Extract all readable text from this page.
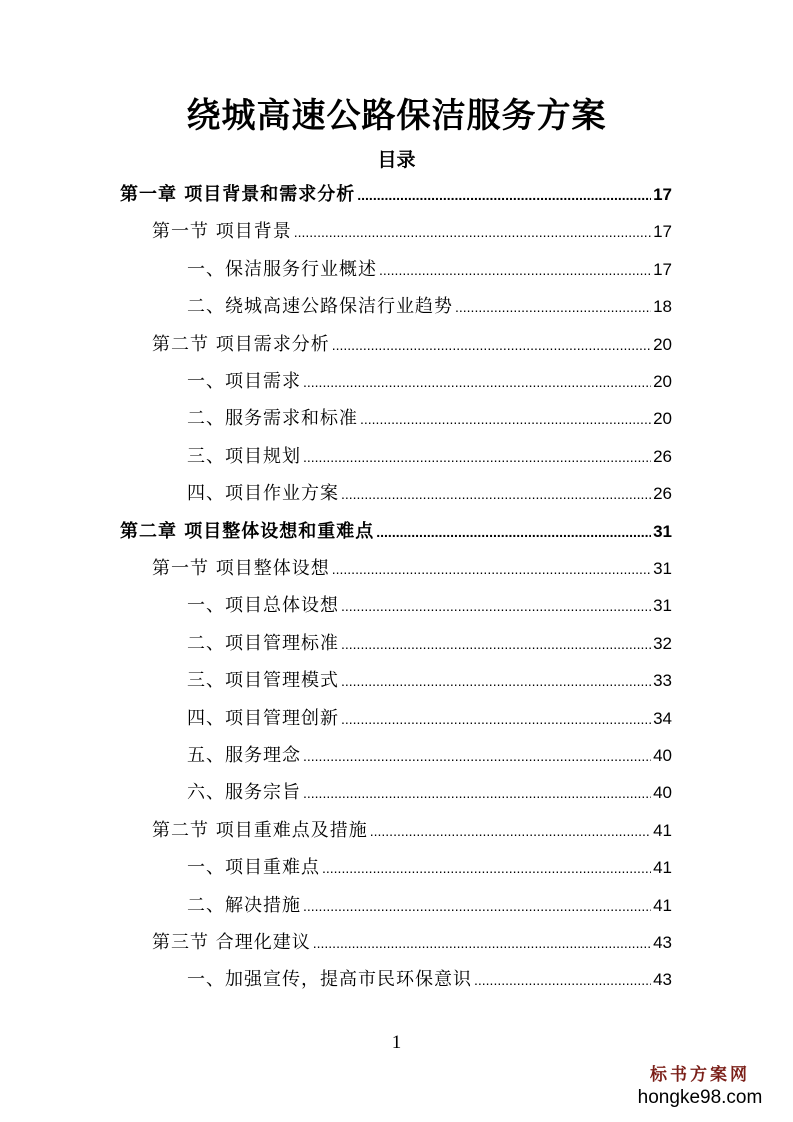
绕城高速公路保洁服务方案
目录
第一章 项目背景和需求分析 .....	17
第一节 项目背景 .....	17
一、保洁服务行业概述 .....	17
二、绕城高速公路保洁行业趋势 .....	18
第二节 项目需求分析 .....	20
一、项目需求 .....	20
二、服务需求和标准 .....	20
三、项目规划 .....	26
四、项目作业方案 .....	26
第二章 项目整体设想和重难点 .....	31
第一节 项目整体设想 .....	31
一、项目总体设想 .....	31
二、项目管理标准 .....	32
三、项目管理模式 .....	33
四、项目管理创新 .....	34
五、服务理念 .....	40
六、服务宗旨 .....	40
第二节 项目重难点及措施 .....	41
一、项目重难点 .....	41
二、解决措施 .....	41
第三节 合理化建议 .....	43
一、加强宣传，提高市民环保意识 .....	43
1
标书方案网
hongke98.com
